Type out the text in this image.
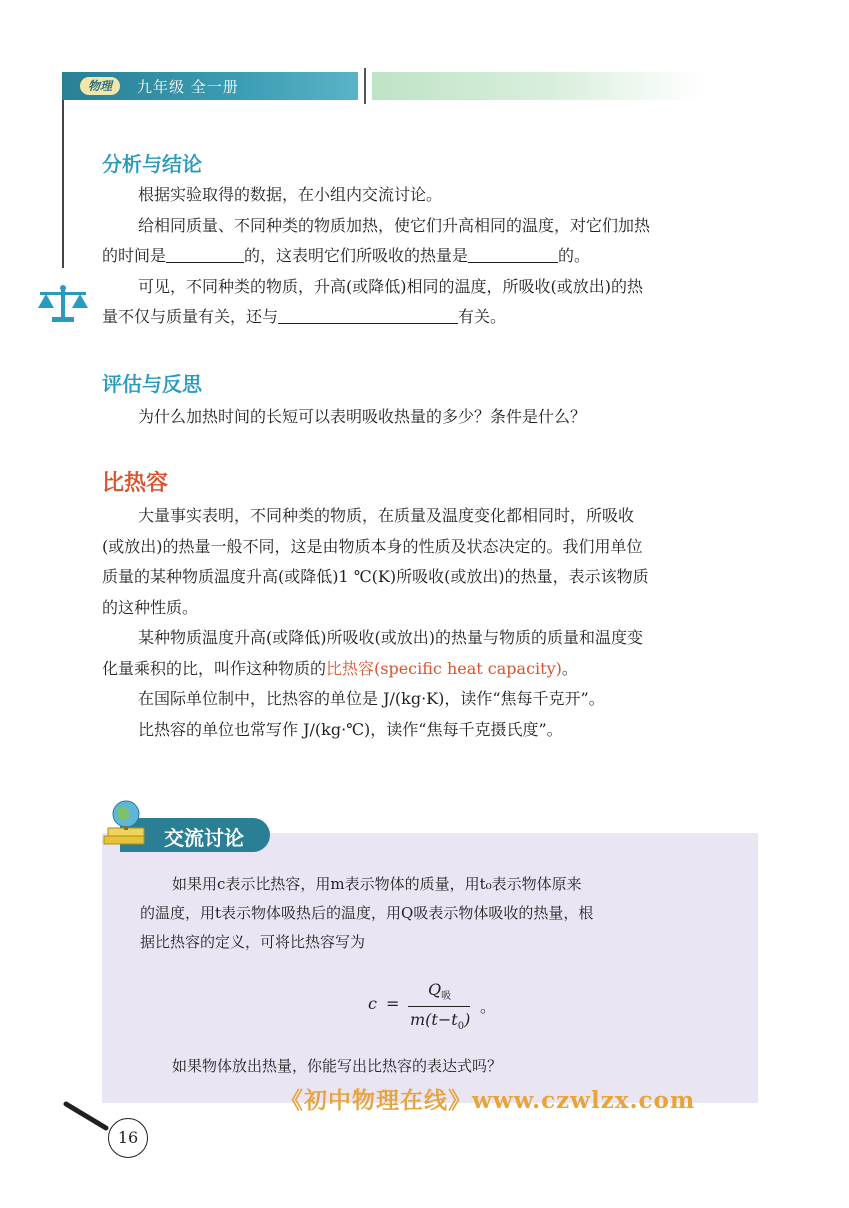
物理	九年级 全一册
分析与结论
根据实验取得的数据，在小组内交流讨论。
给相同质量、不同种类的物质加热，使它们升高相同的温度，对它们加热
的时间是	的，这表明它们所吸收的热量是	的。
可见，不同种类的物质，升高(或降低)相同的温度，所吸收(或放出)的热
量不仅与质量有关，还与	有关。
评估与反思
为什么加热时间的长短可以表明吸收热量的多少？条件是什么？
比热容
大量事实表明，不同种类的物质，在质量及温度变化都相同时，所吸收
(或放出)的热量一般不同，这是由物质本身的性质及状态决定的。我们用单位
质量的某种物质温度升高(或降低)1 ℃(K)所吸收(或放出)的热量，表示该物质
的这种性质。
某种物质温度升高(或降低)所吸收(或放出)的热量与物质的质量和温度变
化量乘积的比，叫作这种物质的比热容(specific heat capacity)。
在国际单位制中，比热容的单位是 J/(kg·K)，读作“焦每千克开”。
比热容的单位也常写作 J/(kg·℃)，读作“焦每千克摄氏度”。
交流讨论
如果用c表示比热容，用m表示物体的质量，用t₀表示物体原来
的温度，用t表示物体吸热后的温度，用Q吸表示物体吸收的热量，根
据比热容的定义，可将比热容写为
c =
$Q_吸$
$m(t-t_0)$
。
如果物体放出热量，你能写出比热容的表达式吗？
《初中物理在线》www.czwlzx.com
16
